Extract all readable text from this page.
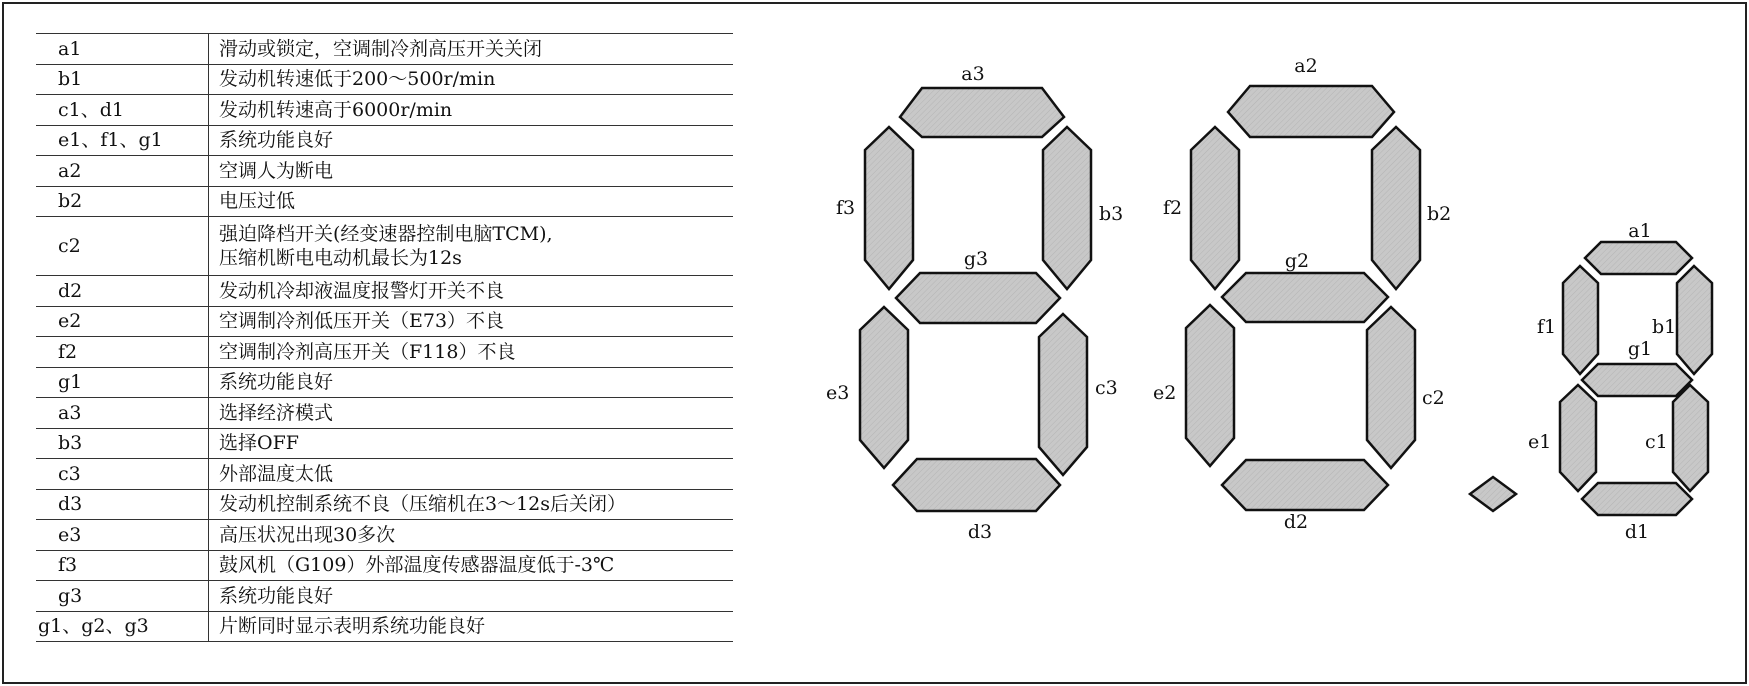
a1	滑动或锁定，空调制冷剂高压开关关闭
b1	发动机转速低于200～500r/min
c1、d1	发动机转速高于6000r/min
e1、f1、g1	系统功能良好
a2	空调人为断电
b2	电压过低
c2	强迫降档开关(经变速器控制电脑TCM),
压缩机断电电动机最长为12s

d2	发动机冷却液温度报警灯开关不良
e2	空调制冷剂低压开关（E73）不良
f2	空调制冷剂高压开关（F118）不良
g1	系统功能良好
a3	选择经济模式
b3	选择OFF
c3	外部温度太低
d3	发动机控制系统不良（压缩机在3～12s后关闭）
e3	高压状况出现30多次
f3	鼓风机（G109）外部温度传感器温度低于-3℃
g3	系统功能良好
g1、g2、g3	片断同时显示表明系统功能良好
a3
f3	b3
g3
e3	c3
d3
a2
f2	b2
g2
e2	c2
d2
a1
f1	b1
g1
e1	c1
d1
